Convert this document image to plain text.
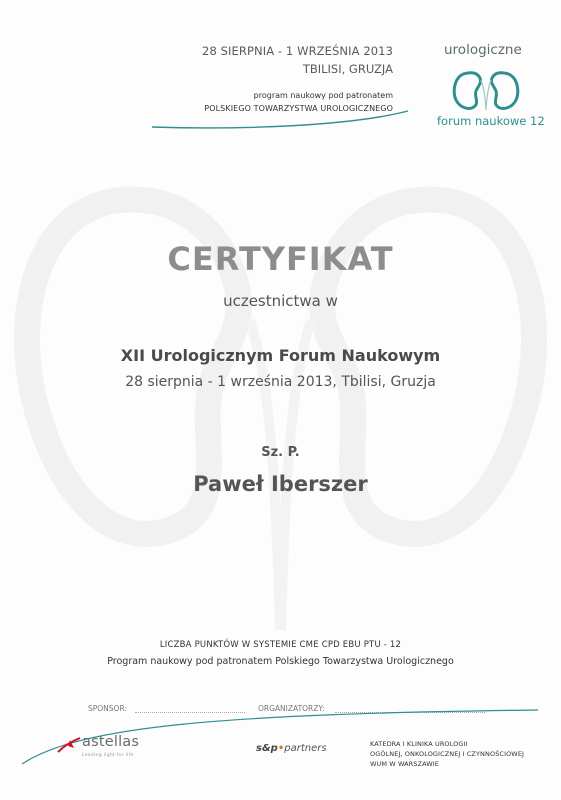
28 SIERPNIA - 1 WRZEŚNIA 2013
TBILISI, GRUZJA
program naukowy pod patronatem
POLSKIEGO TOWARZYSTWA UROLOGICZNEGO
urologiczne
forum naukowe 12
CERTYFIKAT
uczestnictwa w
XII Urologicznym Forum Naukowym
28 sierpnia - 1 września 2013, Tbilisi, Gruzja
Sz. P.
Paweł Iberszer
LICZBA PUNKTÓW W SYSTEMIE CME CPD EBU PTU - 12
Program naukowy pod patronatem Polskiego Towarzystwa Urologicznego
SPONSOR:	ORGANIZATORZY:
astellas
Leading light for life
s&p•partners	KATEDRA I KLINIKA UROLOGII
OGÓLNEJ, ONKOLOGICZNEJ I CZYNNOŚCIOWEJ
WUM W WARSZAWIE
